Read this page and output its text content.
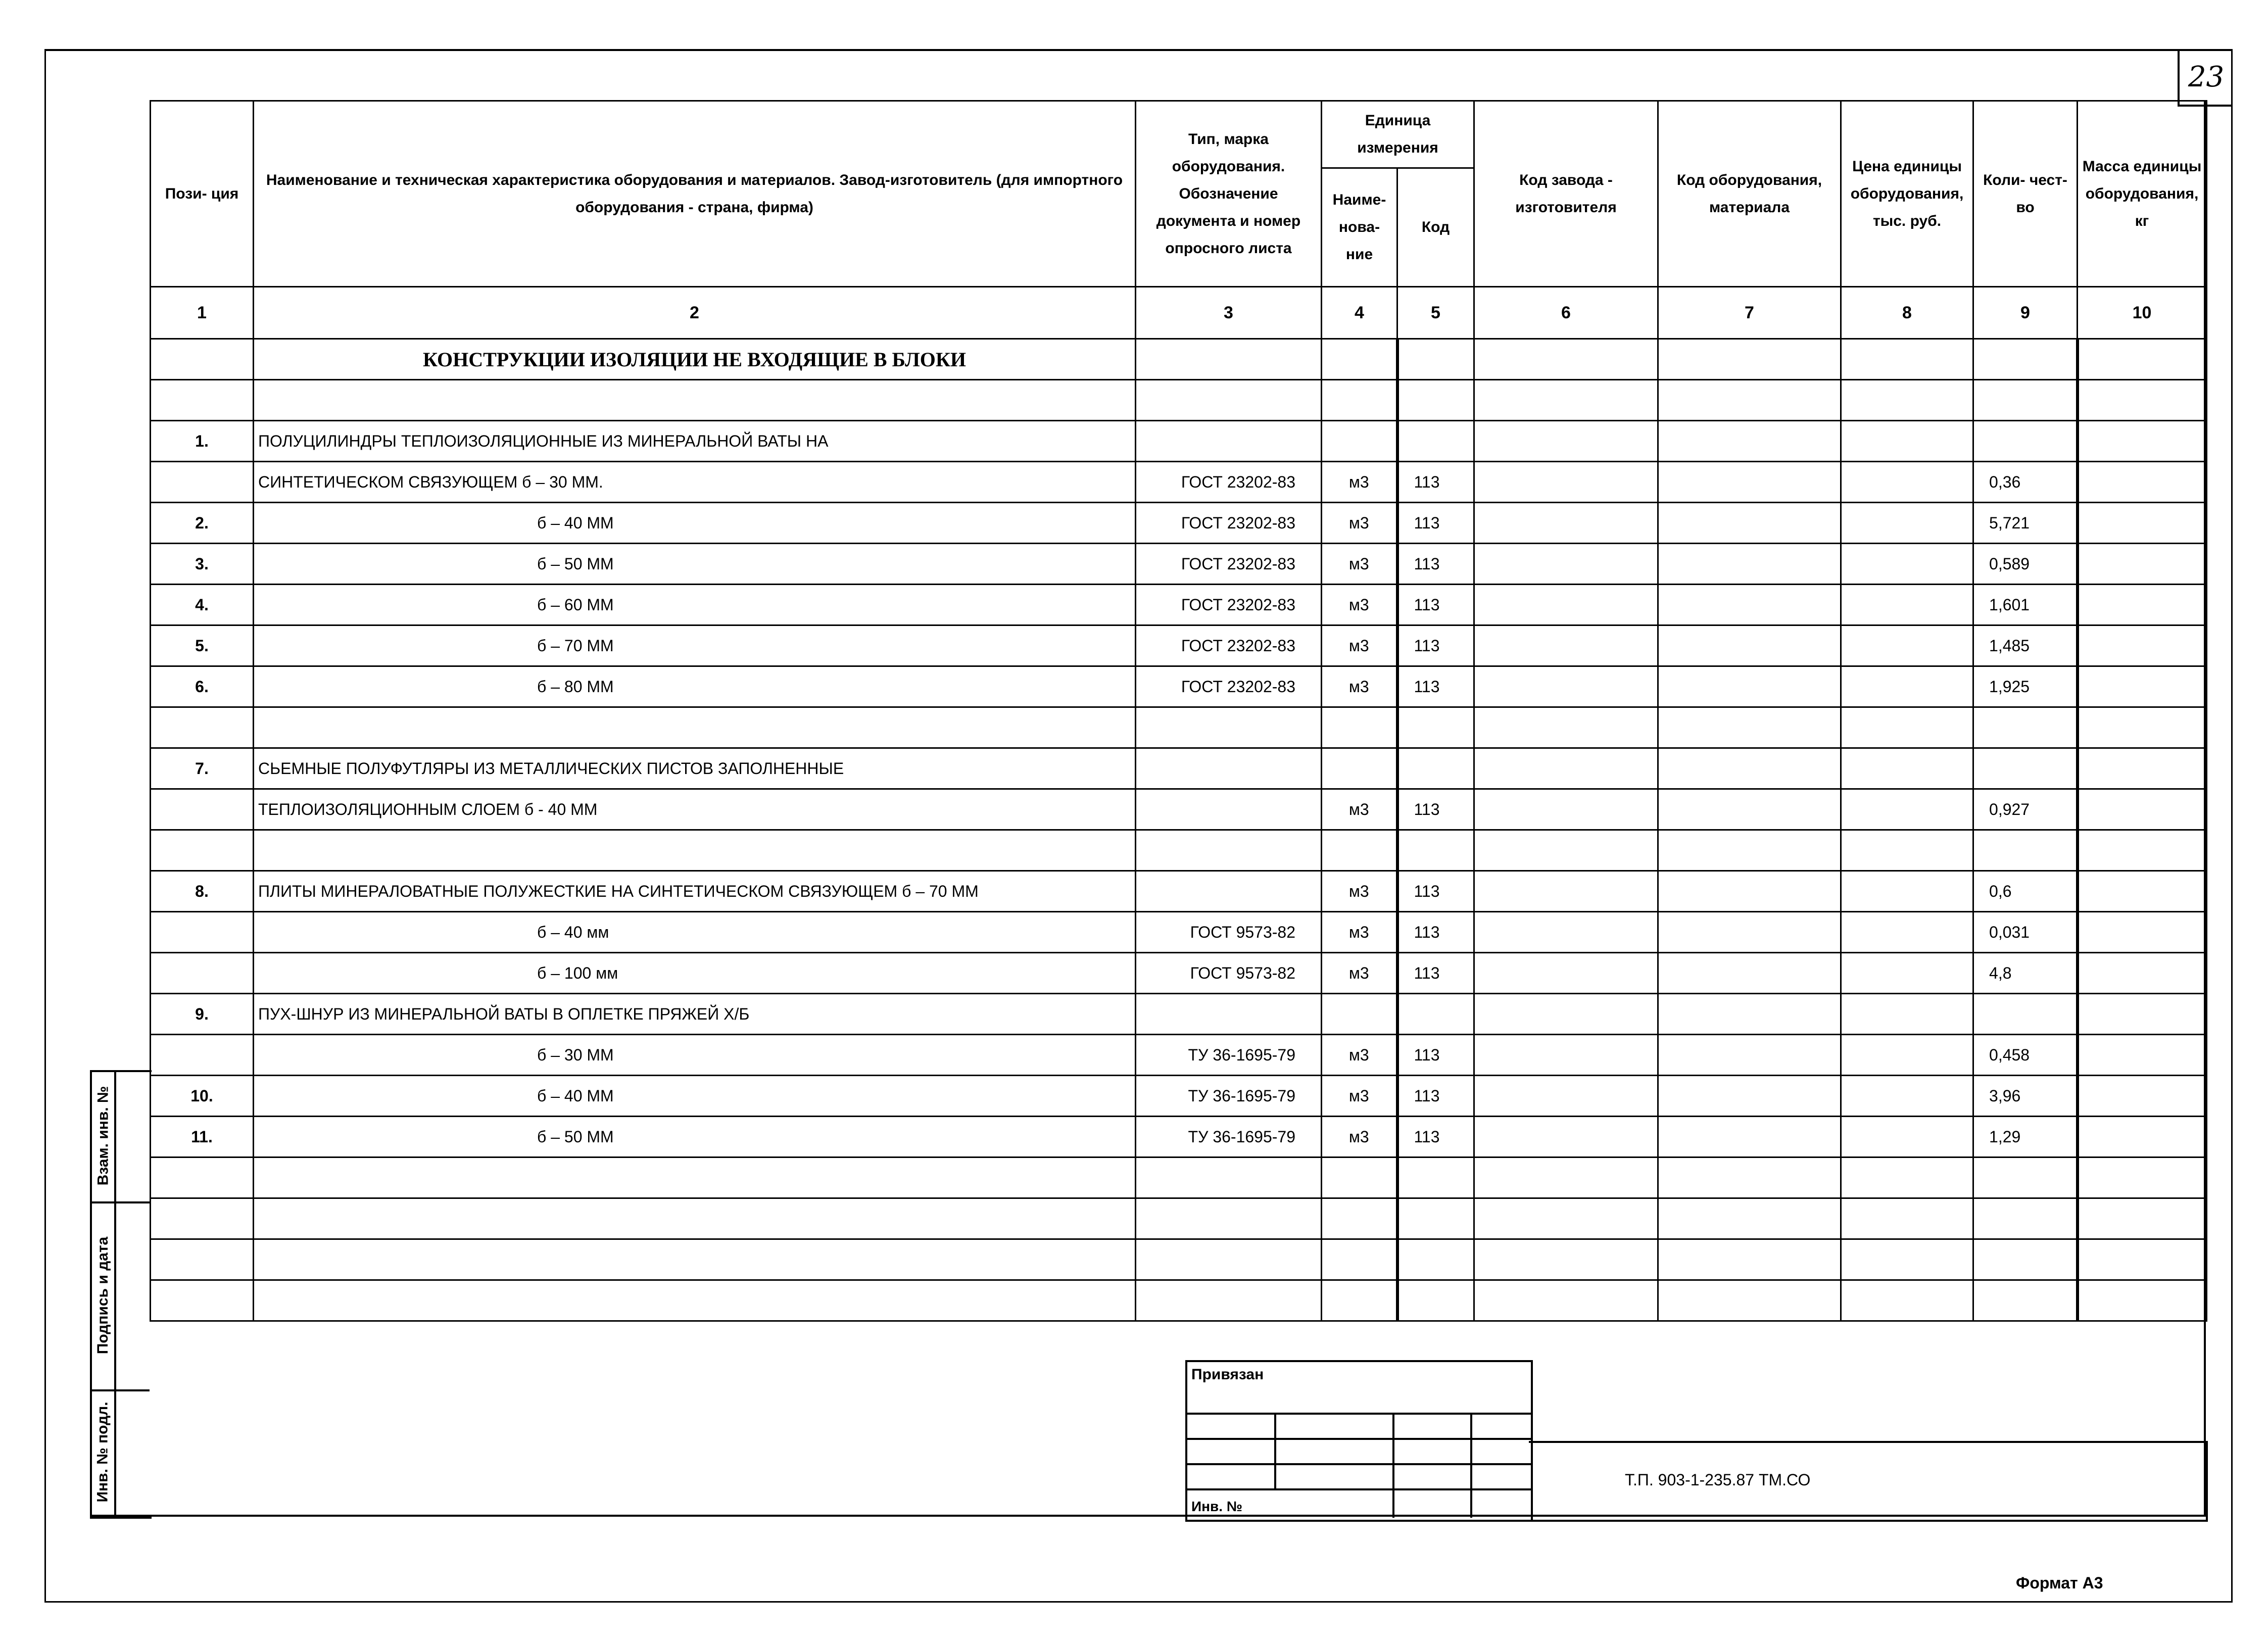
23
Пози- ция	Наименование и техническая характеристика оборудования и материалов. Завод-изготовитель (для импортного оборудования - страна, фирма)	Тип, марка оборудования. Обозначение документа и номер опросного листа	Единица измерения		Код завода - изготовителя	Код оборудования, материала	Цена единицы оборудования, тыс. руб.	Коли- чест- во	Масса единицы оборудования, кг
			Наиме- нова- ние	Код					
1	2	3	4	5	6	7	8	9	10
	КОНСТРУКЦИИ ИЗОЛЯЦИИ НЕ ВХОДЯЩИЕ В БЛОКИ								

1.	ПОЛУЦИЛИНДРЫ ТЕПЛОИЗОЛЯЦИОННЫЕ ИЗ МИНЕРАЛЬНОЙ ВАТЫ НА								
	СИНТЕТИЧЕСКОМ СВЯЗУЮЩЕМ б – 30 ММ.	ГОСТ 23202-83	м3	113				0,36	
2.	б – 40 ММ	ГОСТ 23202-83	м3	113				5,721	
3.	б – 50 ММ	ГОСТ 23202-83	м3	113				0,589	
4.	б – 60 ММ	ГОСТ 23202-83	м3	113				1,601	
5.	б – 70 ММ	ГОСТ 23202-83	м3	113				1,485	
6.	б – 80 ММ	ГОСТ 23202-83	м3	113				1,925	

7.	СЬЕМНЫЕ ПОЛУФУТЛЯРЫ ИЗ МЕТАЛЛИЧЕСКИХ ПИСТОВ ЗАПОЛНЕННЫЕ								
	ТЕПЛОИЗОЛЯЦИОННЫМ СЛОЕМ б - 40 ММ		м3	113				0,927	

8.	ПЛИТЫ МИНЕРАЛОВАТНЫЕ ПОЛУЖЕСТКИЕ НА СИНТЕТИЧЕСКОМ СВЯЗУЮЩЕМ б – 70 ММ		м3	113				0,6	
	б – 40 мм	ГОСТ 9573-82	м3	113				0,031	
	б – 100 мм	ГОСТ 9573-82	м3	113				4,8	
9.	ПУХ-ШНУР ИЗ МИНЕРАЛЬНОЙ ВАТЫ В ОПЛЕТКЕ ПРЯЖЕЙ Х/Б								
	б – 30 ММ	ТУ 36-1695-79	м3	113				0,458	
10.	б – 40 ММ	ТУ 36-1695-79	м3	113				3,96	
11.	б – 50 ММ	ТУ 36-1695-79	м3	113				1,29	

Взам. инв. №
Подпись и дата
Инв. № подл.
Привязан
Инв. №
Т.П. 903-1-235.87 ТМ.СО
Формат А3
